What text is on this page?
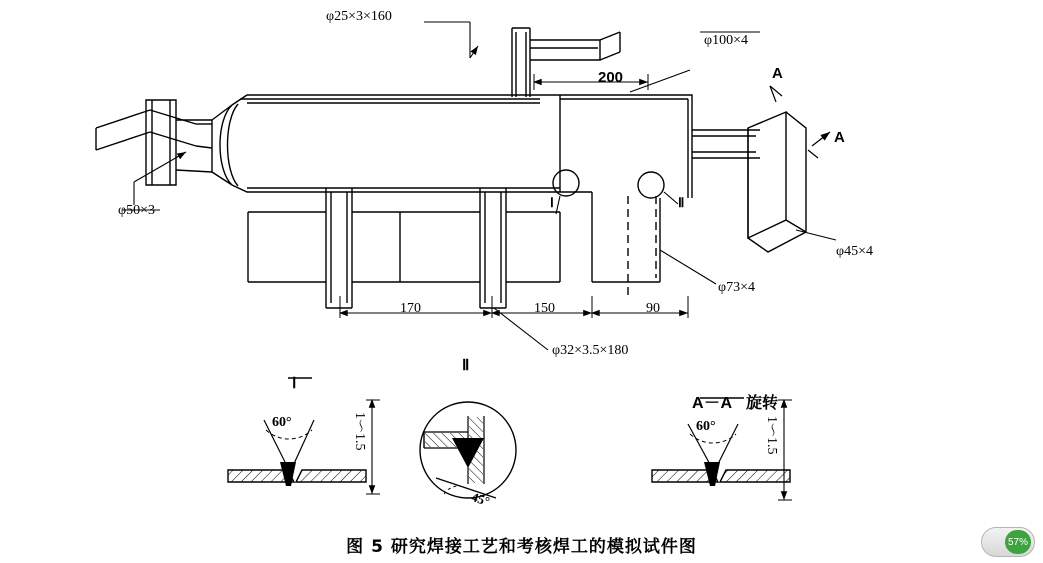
φ25×3×160
φ100×4
200	A
A
φ50×3
φ45×4
φ73×4
φ32×3.5×180
Ⅰ	Ⅱ
170	150	90
Ⅰ
60°	1～1.5
Ⅱ
45°
A－A 旋转
60°	1～1.5
图 5 研究焊接工艺和考核焊工的模拟试件图	57%
